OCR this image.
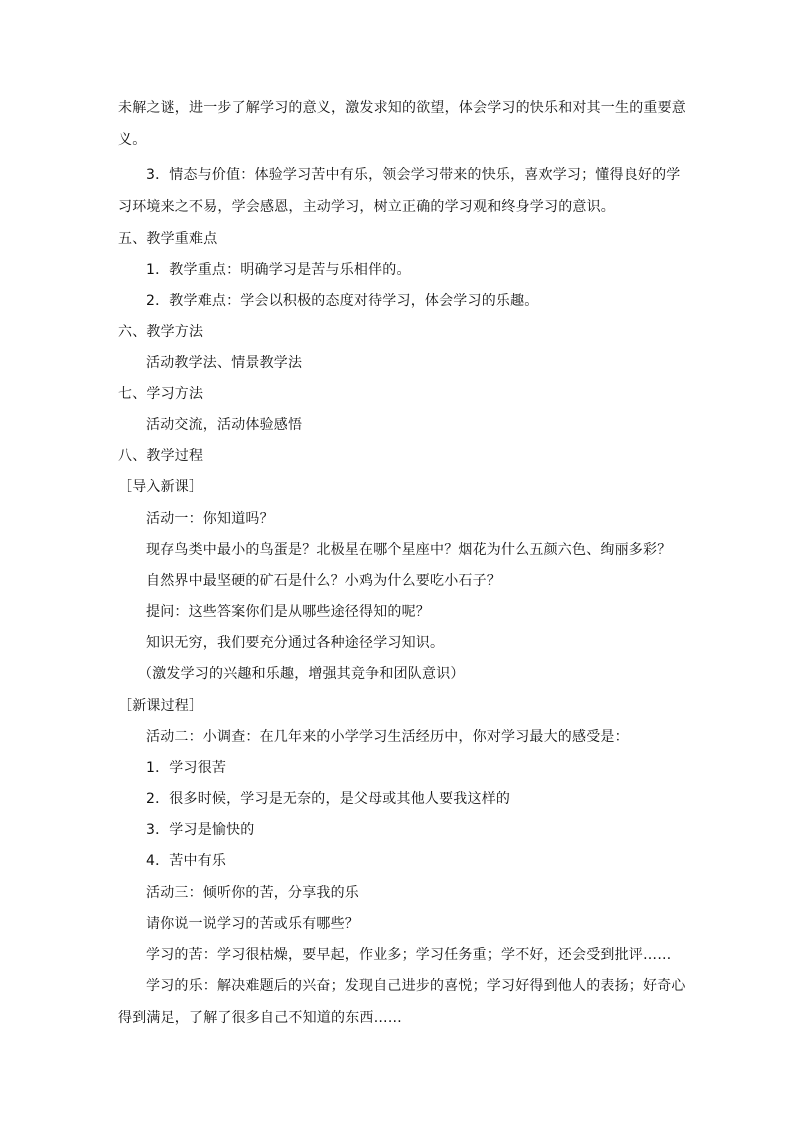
未解之谜，进一步了解学习的意义，激发求知的欲望，体会学习的快乐和对其一生的重要意
义。
3．情态与价值：体验学习苦中有乐，领会学习带来的快乐，喜欢学习；懂得良好的学
习环境来之不易，学会感恩，主动学习，树立正确的学习观和终身学习的意识。
五、教学重难点
1．教学重点：明确学习是苦与乐相伴的。
2．教学难点：学会以积极的态度对待学习，体会学习的乐趣。
六、教学方法
活动教学法、情景教学法
七、学习方法
活动交流，活动体验感悟
八、教学过程
［导入新课］
活动一：你知道吗？
现存鸟类中最小的鸟蛋是？北极星在哪个星座中？烟花为什么五颜六色、绚丽多彩？
自然界中最坚硬的矿石是什么？小鸡为什么要吃小石子？
提问：这些答案你们是从哪些途径得知的呢？
知识无穷，我们要充分通过各种途径学习知识。
（激发学习的兴趣和乐趣，增强其竞争和团队意识）
［新课过程］
活动二：小调查：在几年来的小学学习生活经历中，你对学习最大的感受是：
1．学习很苦
2．很多时候，学习是无奈的，是父母或其他人要我这样的
3．学习是愉快的
4．苦中有乐
活动三：倾听你的苦，分享我的乐
请你说一说学习的苦或乐有哪些？
学习的苦：学习很枯燥，要早起，作业多；学习任务重；学不好，还会受到批评……
学习的乐：解决难题后的兴奋；发现自己进步的喜悦；学习好得到他人的表扬；好奇心
得到满足，了解了很多自己不知道的东西……
